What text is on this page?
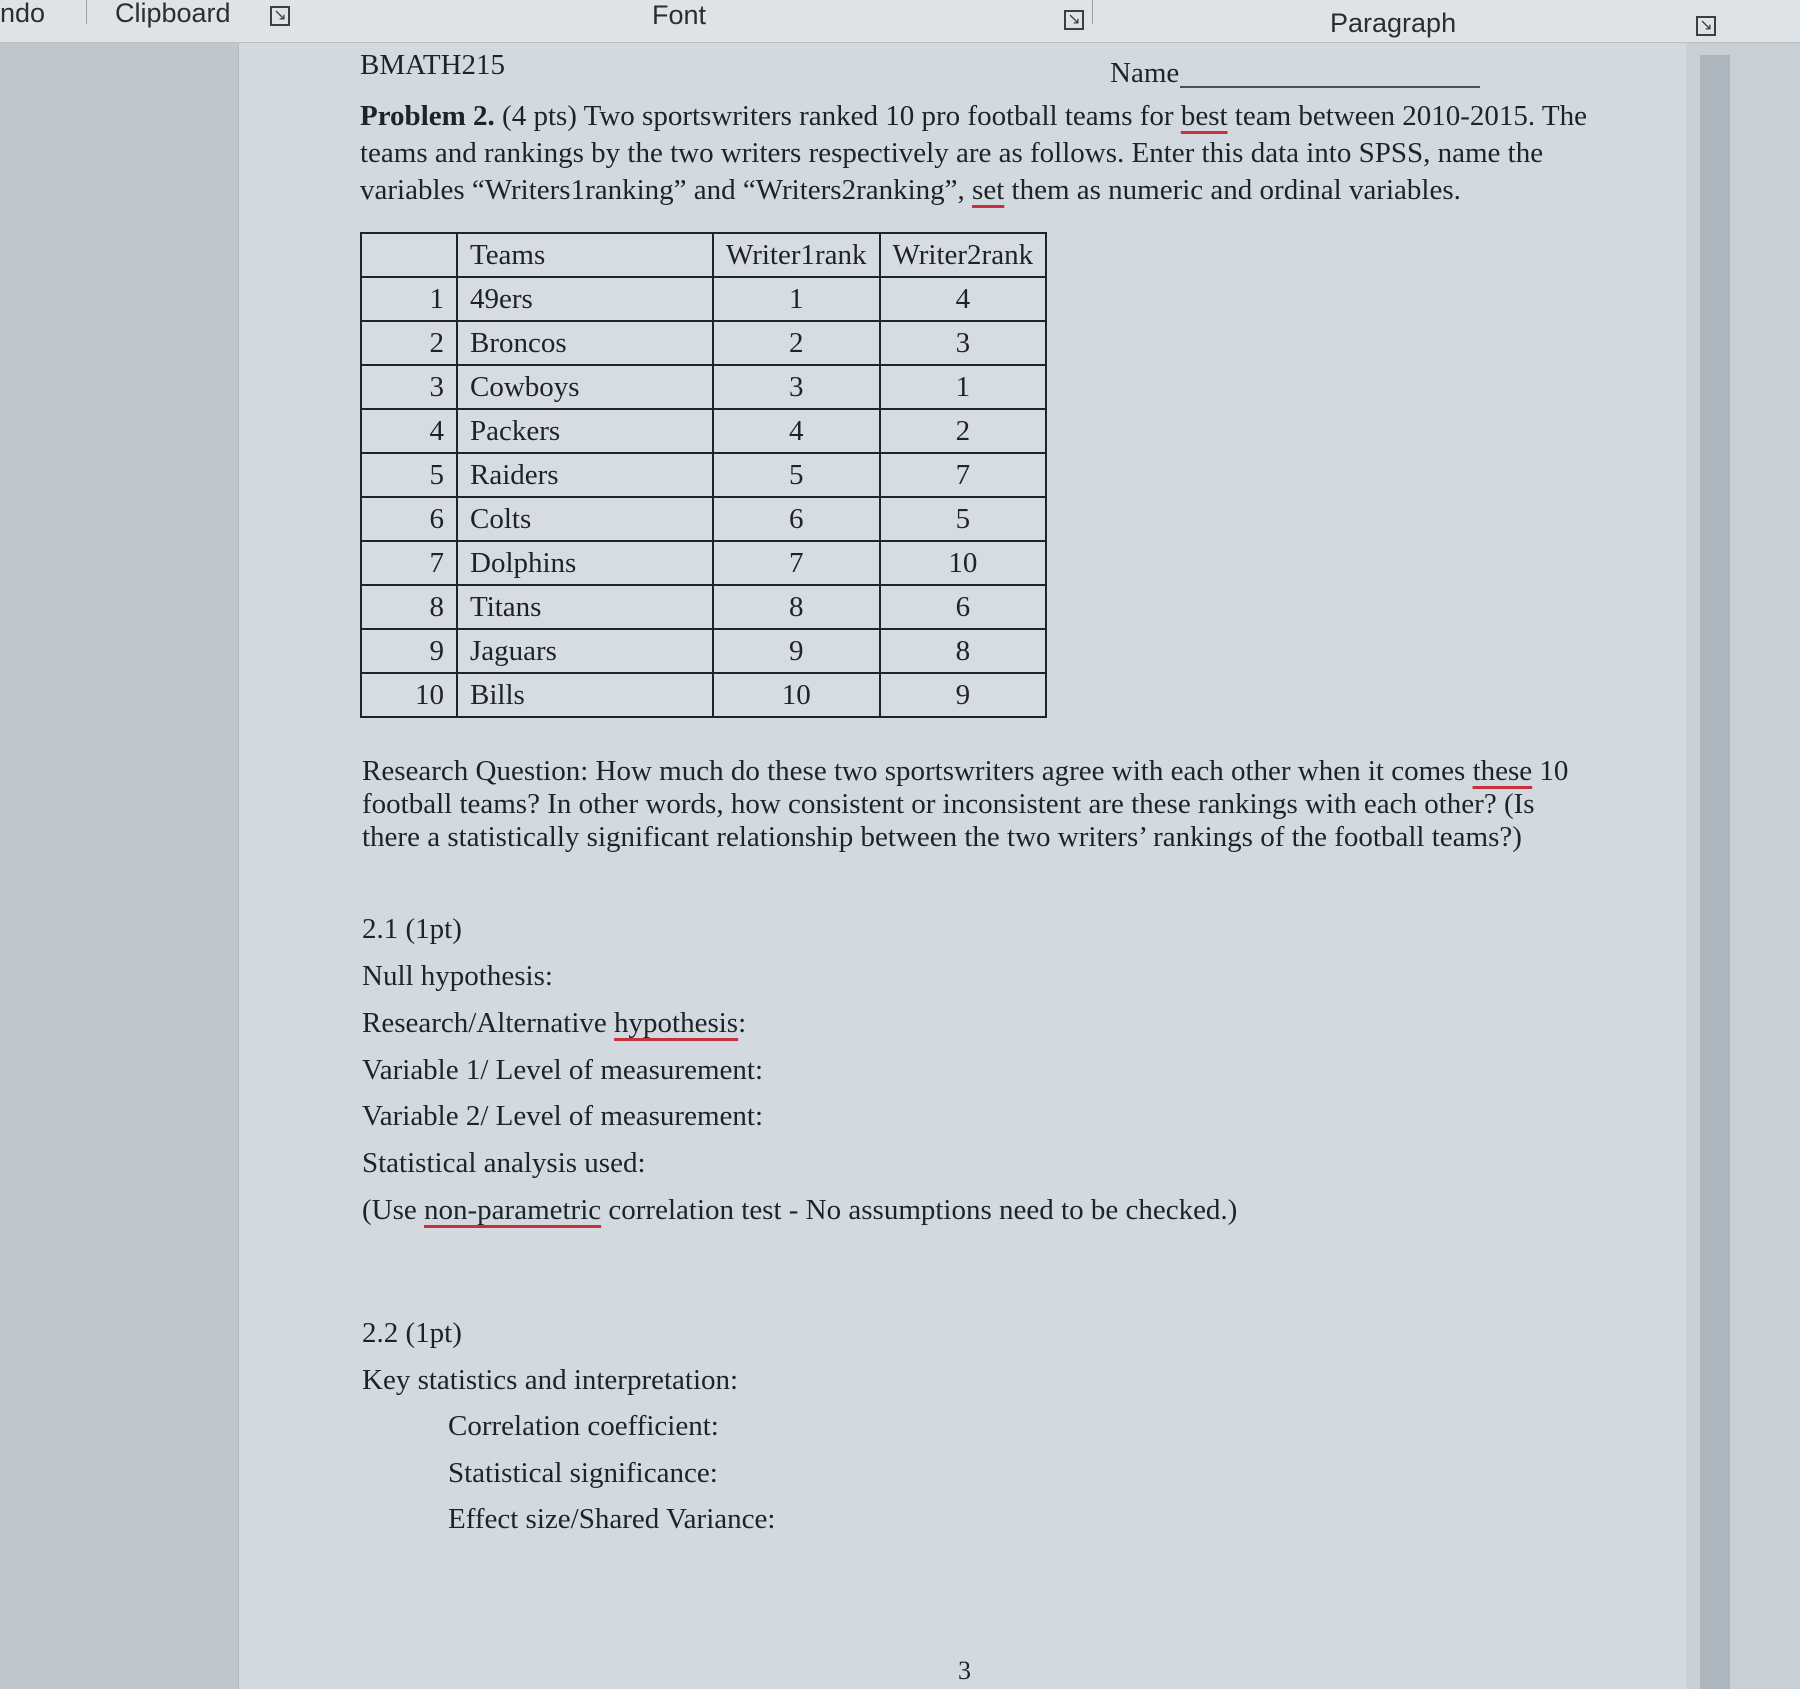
ndo	Clipboard	↘	Font	↘	Paragraph	↘
BMATH215	Name
Problem 2. (4 pts) Two sportswriters ranked 10 pro football teams for best team between 2010-2015. The
teams and rankings by the two writers respectively are as follows. Enter this data into SPSS, name the
variables “Writers1ranking” and “Writers2ranking”, set them as numeric and ordinal variables.
	Teams	Writer1rank	Writer2rank
1	49ers	1	4
2	Broncos	2	3
3	Cowboys	3	1
4	Packers	4	2
5	Raiders	5	7
6	Colts	6	5
7	Dolphins	7	10
8	Titans	8	6
9	Jaguars	9	8
10	Bills	10	9
Research Question: How much do these two sportswriters agree with each other when it comes these 10
football teams? In other words, how consistent or inconsistent are these rankings with each other? (Is
there a statistically significant relationship between the two writers’ rankings of the football teams?)
2.1 (1pt)
Null hypothesis:
Research/Alternative hypothesis:
Variable 1/ Level of measurement:
Variable 2/ Level of measurement:
Statistical analysis used:
(Use non-parametric correlation test - No assumptions need to be checked.)
2.2 (1pt)
Key statistics and interpretation:
Correlation coefficient:
Statistical significance:
Effect size/Shared Variance:
3
